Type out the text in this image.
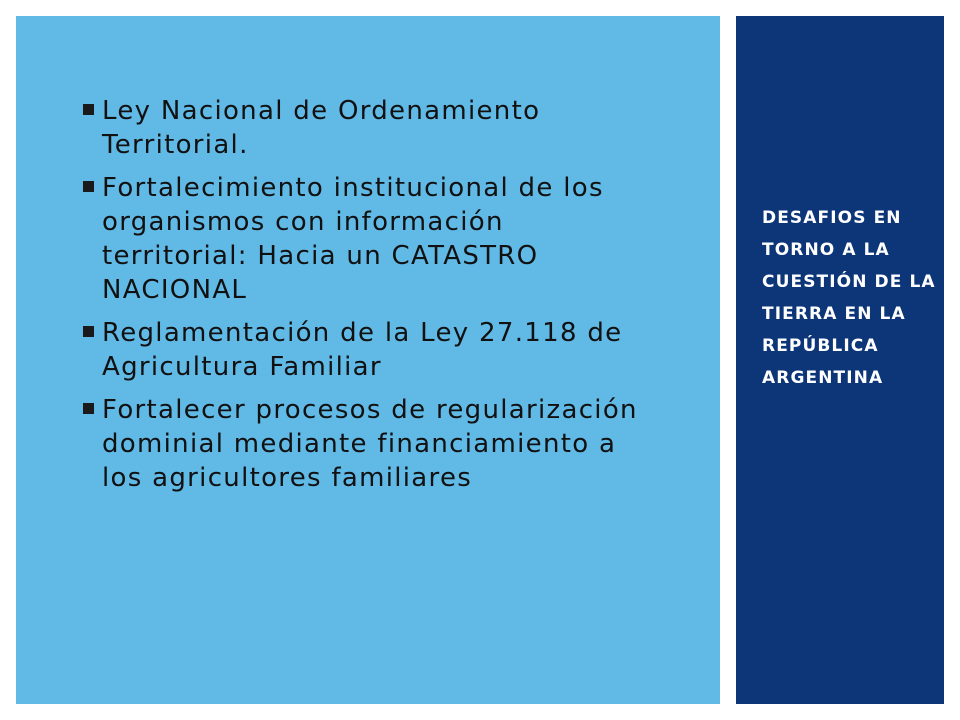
Ley Nacional de Ordenamiento Territorial.
Fortalecimiento institucional de los organismos con información territorial: Hacia un CATASTRO NACIONAL
Reglamentación de la Ley 27.118 de Agricultura Familiar
Fortalecer procesos de regularización dominial mediante financiamiento a los agricultores familiares
DESAFIOS EN TORNO A LA CUESTIÓN DE LA TIERRA EN LA REPÚBLICA ARGENTINA
